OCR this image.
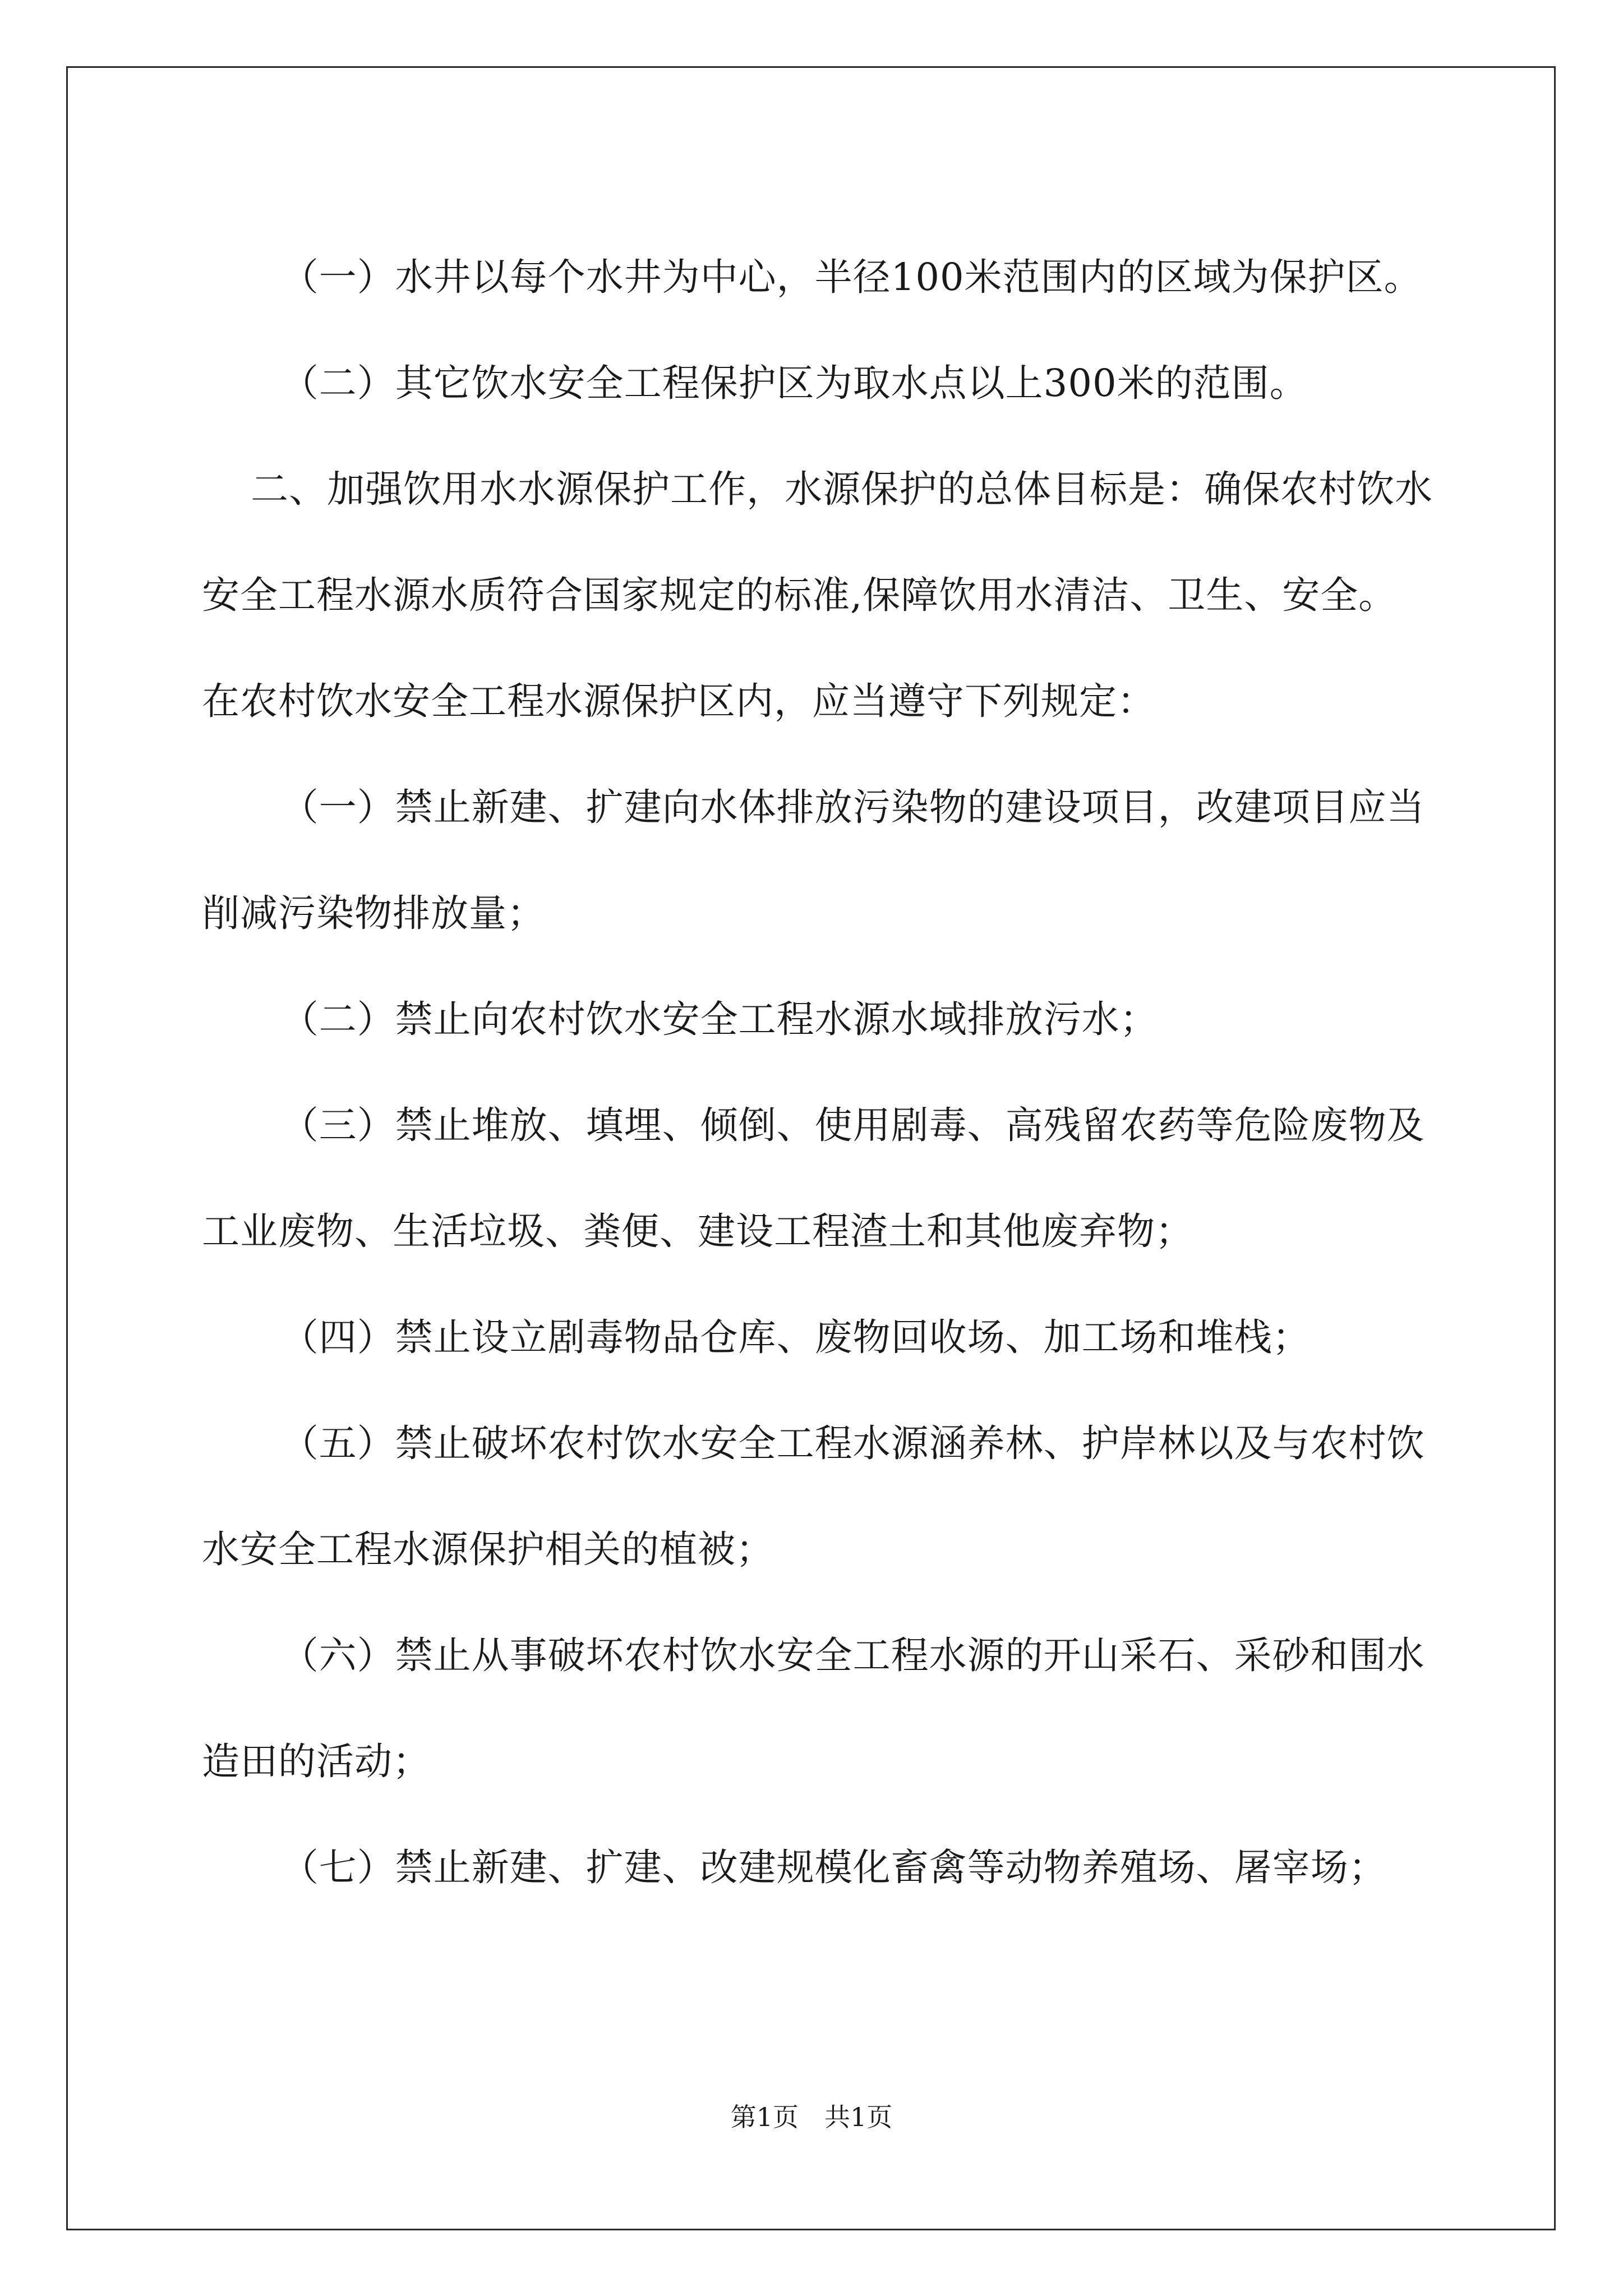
（一）水井以每个水井为中心，半径100米范围内的区域为保护区。

（二）其它饮水安全工程保护区为取水点以上300米的范围。

二、加强饮用水水源保护工作，水源保护的总体目标是：确保农村饮水安全工程水源水质符合国家规定的标准,保障饮用水清洁、卫生、安全。 在农村饮水安全工程水源保护区内，应当遵守下列规定：

（一）禁止新建、扩建向水体排放污染物的建设项目，改建项目应当削减污染物排放量；

（二）禁止向农村饮水安全工程水源水域排放污水；

（三）禁止堆放、填埋、倾倒、使用剧毒、高残留农药等危险废物及工业废物、生活垃圾、粪便、建设工程渣土和其他废弃物；

（四）禁止设立剧毒物品仓库、废物回收场、加工场和堆栈；

（五）禁止破坏农村饮水安全工程水源涵养林、护岸林以及与农村饮水安全工程水源保护相关的植被；

（六）禁止从事破坏农村饮水安全工程水源的开山采石、采砂和围水造田的活动；

（七）禁止新建、扩建、改建规模化畜禽等动物养殖场、屠宰场；

第1页 共1页
